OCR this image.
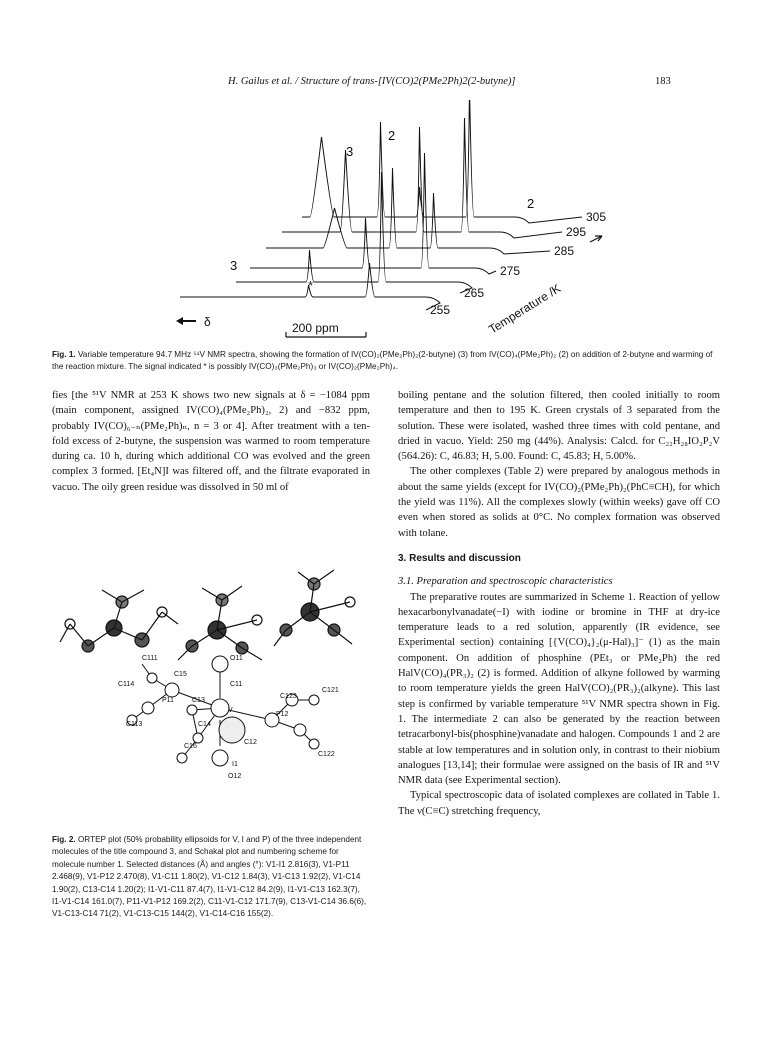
H. Gailus et al. / Structure of trans-[IV(CO)2(PMe2Ph)2(2-butyne)]	183
2
3
2
3
*
305
295
285
275
265
255	Temperature /K
δ	200 ppm
Fig. 1. Variable temperature 94.7 MHz ⁵¹V NMR spectra, showing the formation of IV(CO)₂(PMe₂Ph)₂(2-butyne) (3) from IV(CO)₄(PMe₂Ph)₂ (2) on addition of 2-butyne and warming of the reaction mixture. The signal indicated * is possibly IV(CO)₃(PMe₂Ph)₃ or IV(CO)₂(PMe₂Ph)₄.

fies [the ⁵¹V NMR at 253 K shows two new signals at δ = −1084 ppm (main component, assigned IV(CO)₄(PMe₂Ph)₂, 2) and −832 ppm, probably IV(CO)₆₋ₙ(PMe₂Ph)ₙ, n = 3 or 4]. After treatment with a ten-fold excess of 2-butyne, the suspension was warmed to room temperature during ca. 10 h, during which additional CO was evolved and the green complex 3 formed. [Et₄N]I was filtered off, and the filtrate evaporated in vacuo. The oily green residue was dissolved in 50 ml of

O11
C111
C15
C11
C114
P11	C13
C121
C123
C113
V
C14
P12
C12
C16
I1
C122
O12
Fig. 2. ORTEP plot (50% probability ellipsoids for V, I and P) of the three independent molecules of the title compound 3, and Schakal plot and numbering scheme for molecule number 1. Selected distances (Å) and angles (°): V1-I1 2.816(3), V1-P11 2.468(9), V1-P12 2.470(8), V1-C11 1.80(2), V1-C12 1.84(3), V1-C13 1.92(2), V1-C14 1.90(2), C13-C14 1.20(2); I1-V1-C11 87.4(7), I1-V1-C12 84.2(9), I1-V1-C13 162.3(7), I1-V1-C14 161.0(7), P11-V1-P12 169.2(2), C11-V1-C12 171.7(9), C13-V1-C14 36.6(6), V1-C13-C14 71(2), V1-C13-C15 144(2), V1-C14-C16 155(2).

boiling pentane and the solution filtered, then cooled initially to room temperature and then to 195 K. Green crystals of 3 separated from the solution. These were isolated, washed three times with cold pentane, and dried in vacuo. Yield: 250 mg (44%). Analysis: Calcd. for C₂₂H₂₈IO₂P₂V (564.26): C, 46.83; H, 5.00. Found: C, 45.83; H, 5.00%.

The other complexes (Table 2) were prepared by analogous methods in about the same yields (except for IV(CO)₂(PMe₂Ph)₂(PhC≡CH), for which the yield was 11%). All the complexes slowly (within weeks) gave off CO even when stored as solids at 0°C. No complex formation was observed with tolane.

3. Results and discussion

3.1. Preparation and spectroscopic characteristics

The preparative routes are summarized in Scheme 1. Reaction of yellow hexacarbonylvanadate(−I) with iodine or bromine in THF at dry-ice temperature leads to a red solution, apparently (IR evidence, see Experimental section) containing [{V(CO)₄}₂(μ-Hal)₃]⁻ (1) as the main component. On addition of phosphine (PEt₃ or PMe₂Ph) the red HalV(CO)₄(PR₃)₂ (2) is formed. Addition of alkyne followed by warming to room temperature yields the green HalV(CO)₂(PR₃)₂(alkyne). This last step is confirmed by variable temperature ⁵¹V NMR spectra shown in Fig. 1. The intermediate 2 can also be generated by the reaction between tetracarbonyl-bis(phosphine)vanadate and halogen. Compounds 1 and 2 are stable at low temperatures and in solution only, in contrast to their niobium analogues [13,14]; their formulae were assigned on the basis of IR and ⁵¹V NMR data (see Experimental section).

Typical spectroscopic data of isolated complexes are collated in Table 1. The ν(C≡C) stretching frequency,
